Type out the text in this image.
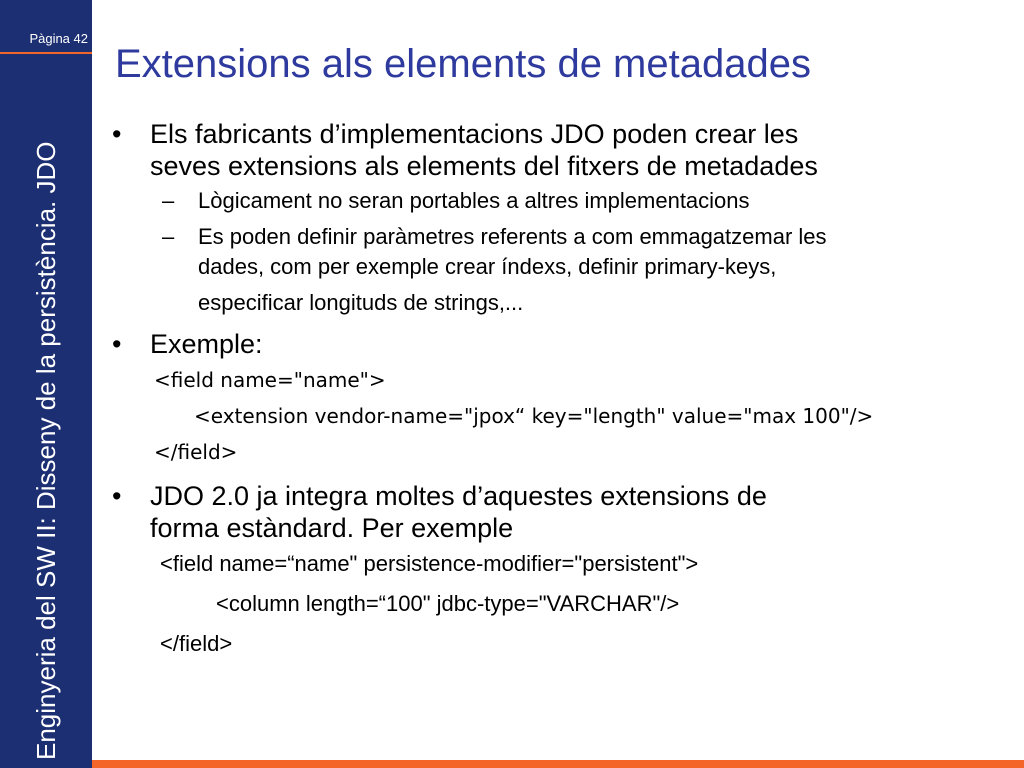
Pàgina 42
Enginyeria del SW II: Disseny de la persistència. JDO
Extensions als elements de metadades

• Els fabricants d’implementacions JDO poden crear les
seves extensions als elements del fitxers de metadades

– Lògicament no seran portables a altres implementacions

– Es poden definir paràmetres referents a com emmagatzemar les
dades, com per exemple crear índexs, definir primary-keys,
especificar longituds de strings,...

• Exemple:

<field name="name">

<extension vendor-name="jpox“ key="length" value="max 100"/>

</field>

• JDO 2.0 ja integra moltes d’aquestes extensions de
forma estàndard. Per exemple

<field name=“name" persistence-modifier="persistent">

<column length=“100" jdbc-type="VARCHAR"/>

</field>
